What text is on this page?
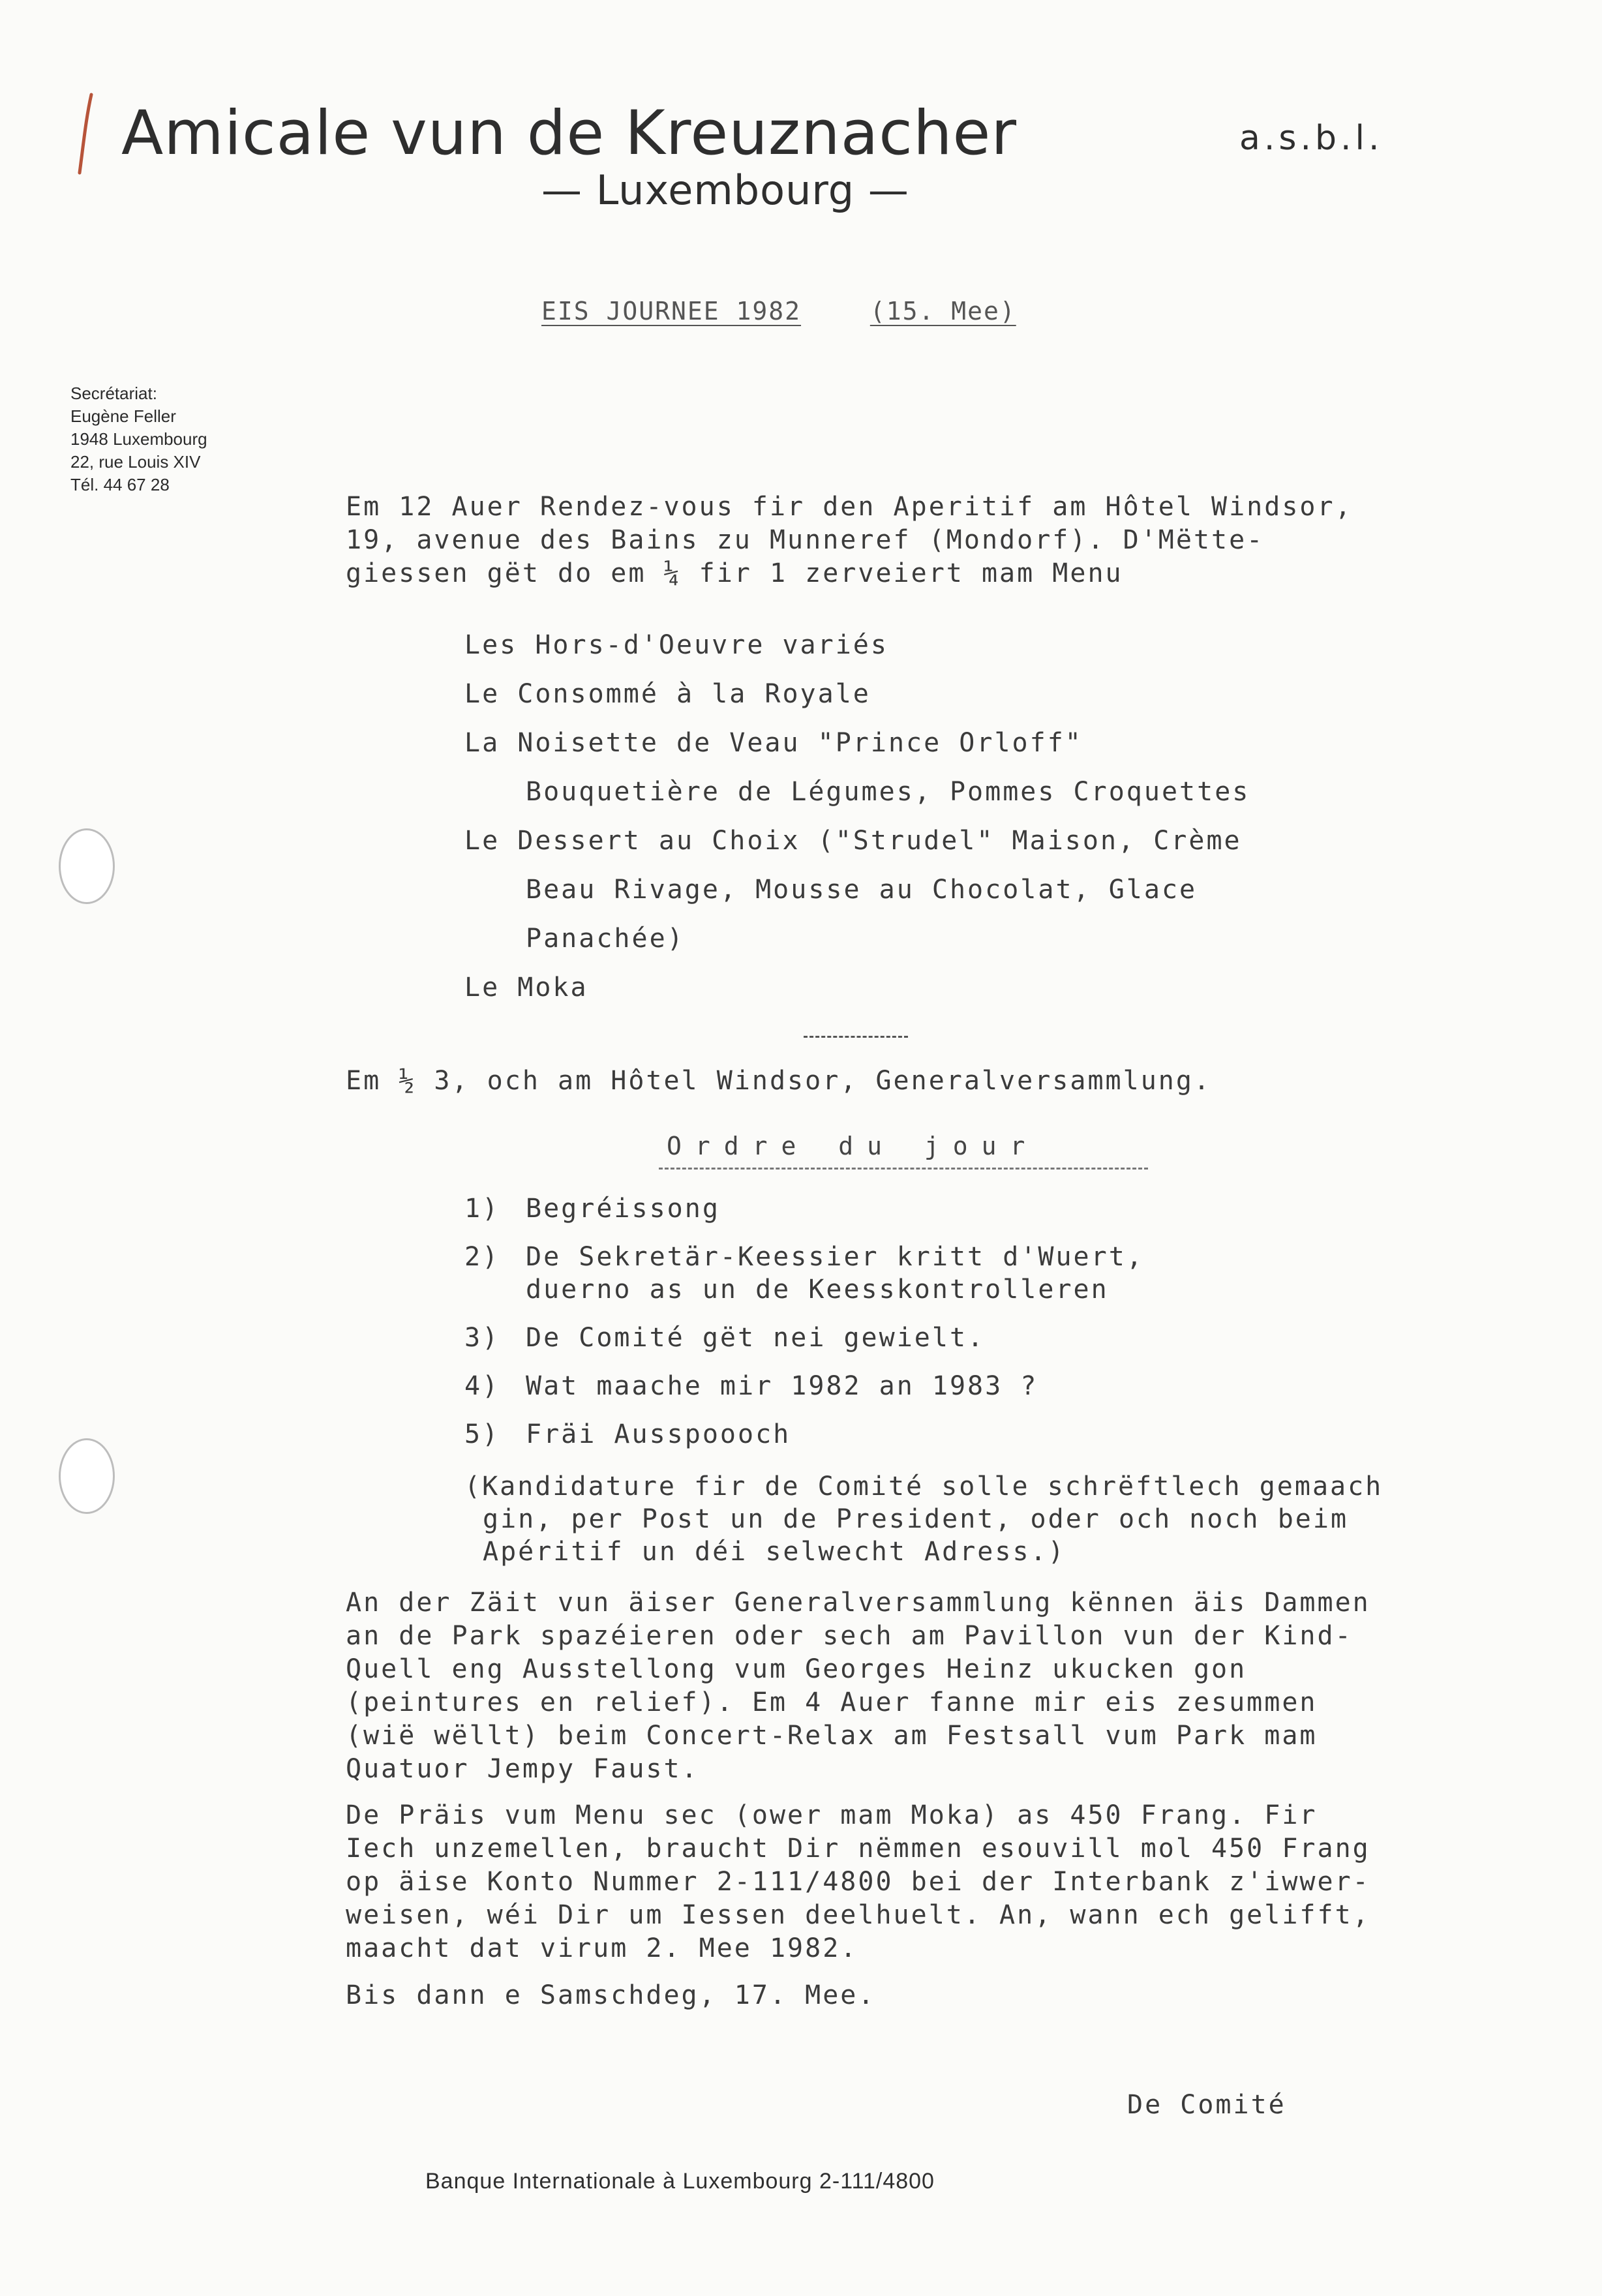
Amicale vun de Kreuznacher	a.s.b.l.
— Luxembourg —
Secrétariat:
Eugène Feller
1948 Luxembourg
22, rue Louis XIV
Tél. 44 67 28
EIS JOURNEE 1982	(15. Mee)
Em 12 Auer Rendez-vous fir den Aperitif am Hôtel Windsor,
19, avenue des Bains zu Munneref (Mondorf). D'Mëtte-
giessen gët do em ¼ fir 1 zerveiert mam Menu
Les Hors-d'Oeuvre variés
Le Consommé à la Royale
La Noisette de Veau "Prince Orloff"
Bouquetière de Légumes, Pommes Croquettes
Le Dessert au Choix ("Strudel" Maison, Crème
Beau Rivage, Mousse au Chocolat, Glace
Panachée)
Le Moka
Em ½ 3, och am Hôtel Windsor, Generalversammlung.
Ordre du jour
1) Begréissong
2) De Sekretär-Keessier kritt d'Wuert,
duerno as un de Keesskontrolleren
3) De Comité gët nei gewielt.
4) Wat maache mir 1982 an 1983 ?
5) Fräi Ausspoooch
(Kandidature fir de Comité solle schrëftlech gemaach
gin, per Post un de President, oder och noch beim
Apéritif un déi selwecht Adress.)
An der Zäit vun äiser Generalversammlung kënnen äis Dammen
an de Park spazéieren oder sech am Pavillon vun der Kind-
Quell eng Ausstellong vum Georges Heinz ukucken gon
(peintures en relief). Em 4 Auer fanne mir eis zesummen
(wië wëllt) beim Concert-Relax am Festsall vum Park mam
Quatuor Jempy Faust.
De Präis vum Menu sec (ower mam Moka) as 450 Frang. Fir
Iech unzemellen, braucht Dir nëmmen esouvill mol 450 Frang
op äise Konto Nummer 2-111/4800 bei der Interbank z'iwwer-
weisen, wéi Dir um Iessen deelhuelt. An, wann ech gelifft,
maacht dat virum 2. Mee 1982.
Bis dann e Samschdeg, 17. Mee.
De Comité
Banque Internationale à Luxembourg 2-111/4800
